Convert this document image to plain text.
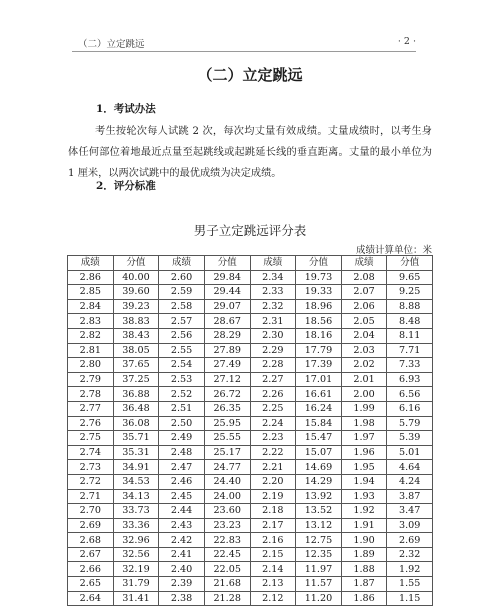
（二）立定跳远	· 2 ·
（二）立定跳远
1．考试办法
考生按轮次每人试跳 2 次，每次均丈量有效成绩。丈量成绩时，以考生身体任何部位着地最近点量至起跳线或起跳延长线的垂直距离。丈量的最小单位为 1 厘米，以两次试跳中的最优成绩为决定成绩。
2．评分标准
男子立定跳远评分表
成绩计算单位：米
成绩	分值	成绩	分值	成绩	分值	成绩	分值
2.86	40.00	2.60	29.84	2.34	19.73	2.08	9.65
2.85	39.60	2.59	29.44	2.33	19.33	2.07	9.25
2.84	39.23	2.58	29.07	2.32	18.96	2.06	8.88
2.83	38.83	2.57	28.67	2.31	18.56	2.05	8.48
2.82	38.43	2.56	28.29	2.30	18.16	2.04	8.11
2.81	38.05	2.55	27.89	2.29	17.79	2.03	7.71
2.80	37.65	2.54	27.49	2.28	17.39	2.02	7.33
2.79	37.25	2.53	27.12	2.27	17.01	2.01	6.93
2.78	36.88	2.52	26.72	2.26	16.61	2.00	6.56
2.77	36.48	2.51	26.35	2.25	16.24	1.99	6.16
2.76	36.08	2.50	25.95	2.24	15.84	1.98	5.79
2.75	35.71	2.49	25.55	2.23	15.47	1.97	5.39
2.74	35.31	2.48	25.17	2.22	15.07	1.96	5.01
2.73	34.91	2.47	24.77	2.21	14.69	1.95	4.64
2.72	34.53	2.46	24.40	2.20	14.29	1.94	4.24
2.71	34.13	2.45	24.00	2.19	13.92	1.93	3.87
2.70	33.73	2.44	23.60	2.18	13.52	1.92	3.47
2.69	33.36	2.43	23.23	2.17	13.12	1.91	3.09
2.68	32.96	2.42	22.83	2.16	12.75	1.90	2.69
2.67	32.56	2.41	22.45	2.15	12.35	1.89	2.32
2.66	32.19	2.40	22.05	2.14	11.97	1.88	1.92
2.65	31.79	2.39	21.68	2.13	11.57	1.87	1.55
2.64	31.41	2.38	21.28	2.12	11.20	1.86	1.15
